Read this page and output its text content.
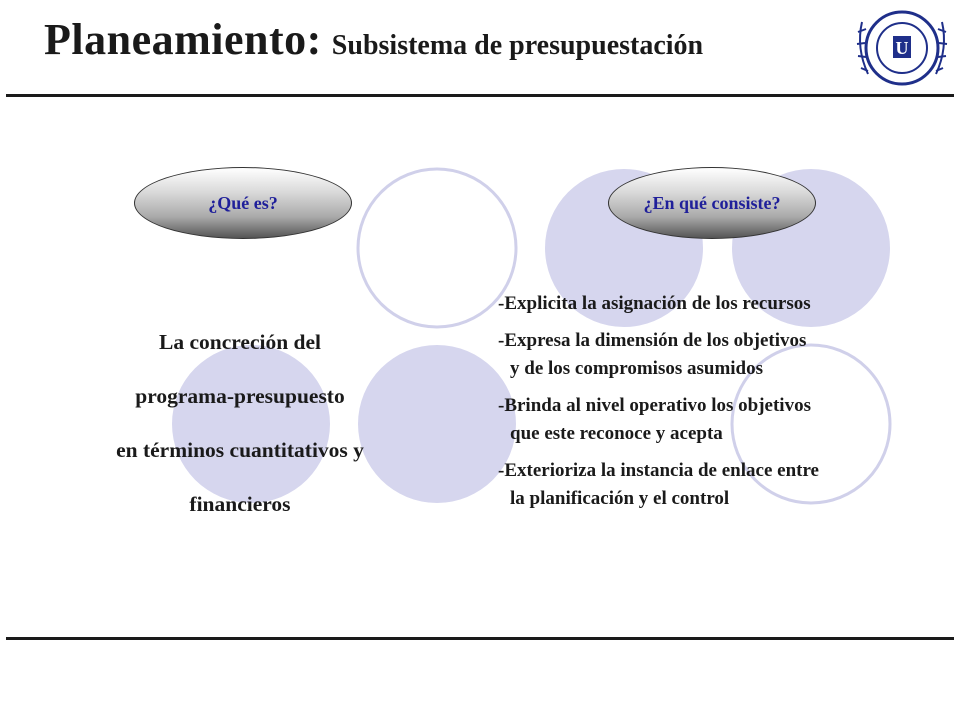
Planeamiento: Subsistema de presupuestación	U
¿Qué es?	¿En qué consiste?
La concreción del
programa-presupuesto
en términos cuantitativos y
financieros
-Explicita la asignación de los recursos
-Expresa la dimensión de los objetivos
y de los compromisos asumidos
-Brinda al nivel operativo los objetivos
que este reconoce y acepta
-Exterioriza la instancia de enlace entre
la planificación y el control
